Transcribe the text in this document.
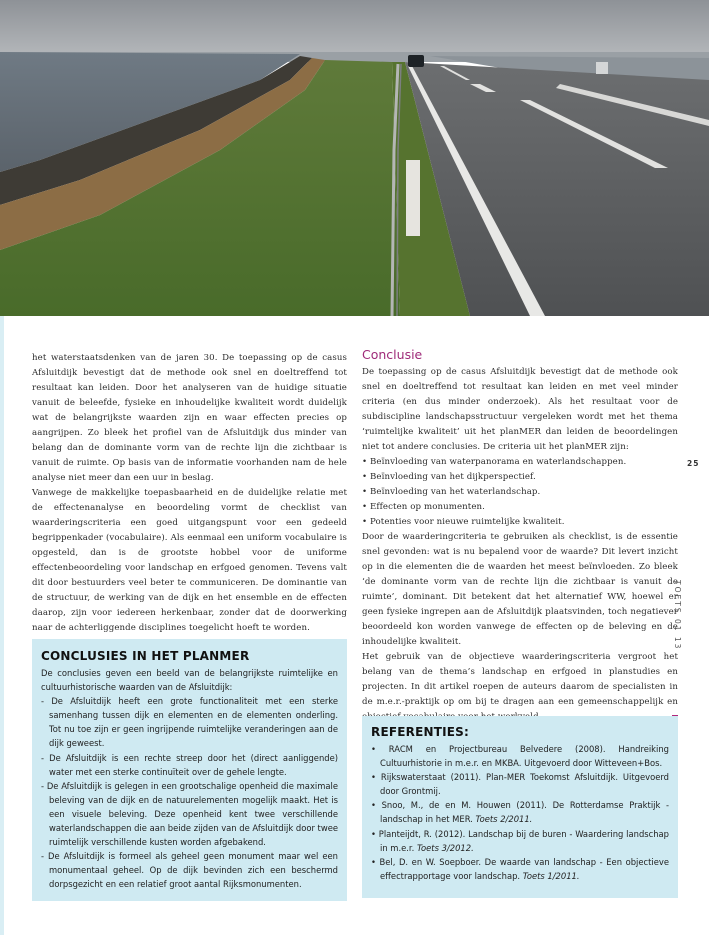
het waterstaatsdenken van de jaren 30. De toepassing op de casus Afsluitdijk bevestigt dat de methode ook snel en doeltreffend tot resultaat kan leiden. Door het analyseren van de huidige situatie vanuit de beleefde, fysieke en inhoudelijke kwaliteit wordt duidelijk wat de belangrijkste waarden zijn en waar effecten precies op aangrijpen. Zo bleek het profiel van de Afsluitdijk dus minder van belang dan de dominante vorm van de rechte lijn die zichtbaar is vanuit de ruimte. Op basis van de informatie voorhanden nam de hele analyse niet meer dan een uur in beslag.

Vanwege de makkelijke toepasbaarheid en de duidelijke relatie met de effectenanalyse en beoordeling vormt de checklist van waarderingscriteria een goed uitgangspunt voor een gedeeld begrippenkader (vocabulaire). Als eenmaal een uniform vocabulaire is opgesteld, dan is de grootste hobbel voor de uniforme effectenbeoordeling voor landschap en erfgoed genomen. Tevens valt dit door bestuurders veel beter te communiceren. De dominantie van de structuur, de werking van de dijk en het ensemble en de effecten daarop, zijn voor iedereen herkenbaar, zonder dat de doorwerking naar de achterliggende disciplines toegelicht hoeft te worden.

Conclusie

De toepassing op de casus Afsluitdijk bevestigt dat de methode ook snel en doeltreffend tot resultaat kan leiden en met veel minder criteria (en dus minder onderzoek). Als het resultaat voor de subdiscipline landschapsstructuur vergeleken wordt met het thema ‘ruimtelijke kwaliteit’ uit het planMER dan leiden de beoordelingen niet tot andere conclusies. De criteria uit het planMER zijn:

• Beïnvloeding van waterpanorama en waterlandschappen.
• Beïnvloeding van het dijkperspectief.
• Beïnvloeding van het waterlandschap.
• Effecten op monumenten.
• Potenties voor nieuwe ruimtelijke kwaliteit.

Door de waarderingcriteria te gebruiken als checklist, is de essentie snel gevonden: wat is nu bepalend voor de waarde? Dit levert inzicht op in die elementen die de waarden het meest beïnvloeden. Zo bleek ‘de dominante vorm van de rechte lijn die zichtbaar is vanuit de ruimte’, dominant. Dit betekent dat het alternatief WW, hoewel er geen fysieke ingrepen aan de Afsluitdijk plaatsvinden, toch negatiever beoordeeld kon worden vanwege de effecten op de beleving en de inhoudelijke kwaliteit.

Het gebruik van de objectieve waarderingscriteria vergroot het belang van de thema’s landschap en erfgoed in planstudies en projecten. In dit artikel roepen de auteurs daarom de specialisten in de m.e.r.-praktijk op om bij te dragen aan een gemeenschappelijk en

25
TOETS 01 13
CONCLUSIES IN HET PLANMER
De conclusies geven een beeld van de belangrijkste ruimtelijke en cultuurhistorische waarden van de Afsluitdijk:
- De Afsluitdijk heeft een grote functionaliteit met een sterke samenhang tussen dijk en elementen en de elementen onderling. Tot nu toe zijn er geen ingrijpende ruimtelijke veranderingen aan de dijk geweest.
- De Afsluitdijk is een rechte streep door het (direct aanliggende) water met een sterke continuïteit over de gehele lengte.
- De Afsluitdijk is gelegen in een grootschalige openheid die maximale beleving van de dijk en de natuurelementen mogelijk maakt. Het is een visuele beleving. Deze openheid kent twee verschillende waterlandschappen die aan beide zijden van de Afsluitdijk door twee ruimtelijk verschillende kusten worden afgebakend.
- De Afsluitdijk is formeel als geheel geen monument maar wel een monumentaal geheel. Op de dijk bevinden zich een beschermd dorpsgezicht en een relatief groot aantal Rijksmonumenten.
REFERENTIES:
• RACM en Projectbureau Belvedere (2008). Handreiking Cultuurhistorie in m.e.r. en MKBA. Uitgevoerd door Witteveen+Bos.
• Rijkswaterstaat (2011). Plan-MER Toekomst Afsluitdijk. Uitgevoerd door Grontmij.
• Snoo, M., de en M. Houwen (2011). De Rotterdamse Praktijk - landschap in het MER. Toets 2/2011.
• Planteijdt, R. (2012). Landschap bij de buren - Waardering landschap in m.e.r. Toets 3/2012.
• Bel, D. en W. Soepboer. De waarde van landschap - Een objectieve effectrapportage voor landschap. Toets 1/2011.
